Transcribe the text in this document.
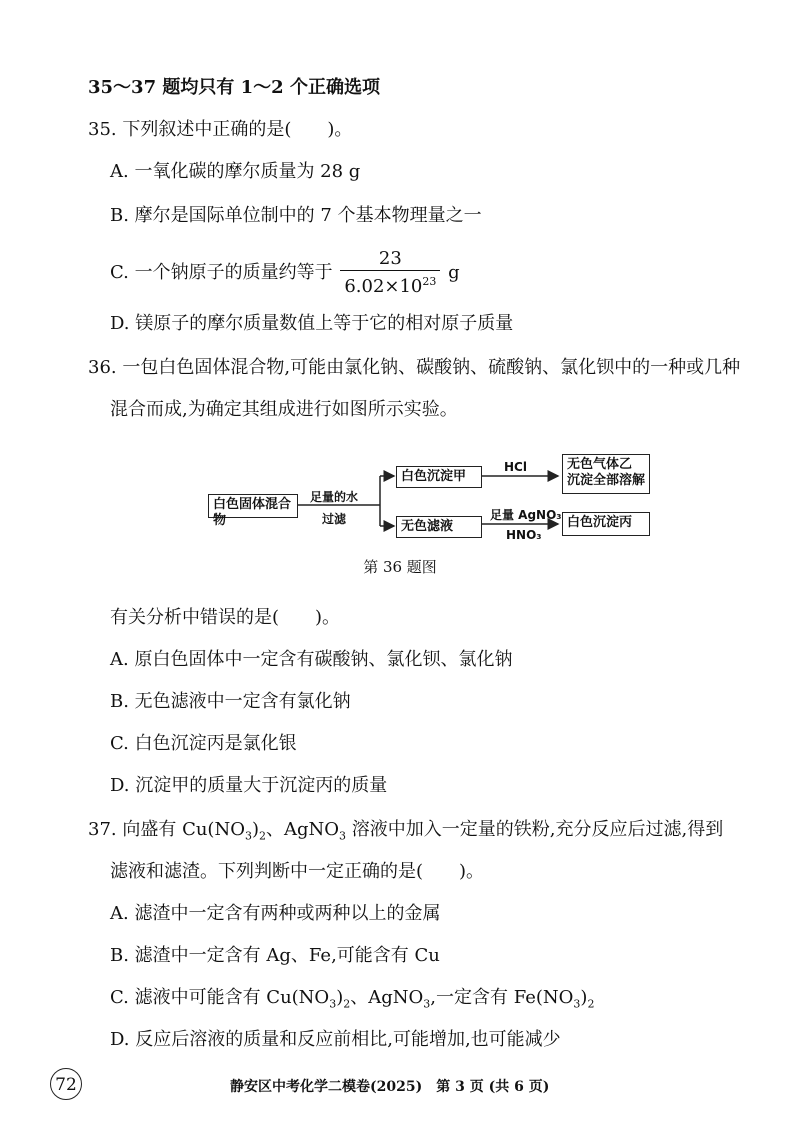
35～37 题均只有 1～2 个正确选项
35. 下列叙述中正确的是(　　)。
A. 一氧化碳的摩尔质量为 28 g
B. 摩尔是国际单位制中的 7 个基本物理量之一
C. 一个钠原子的质量约等于 $\frac{23}{6.02\times 10^{23}}$ g
D. 镁原子的摩尔质量数值上等于它的相对原子质量
36. 一包白色固体混合物,可能由氯化钠、碳酸钠、硫酸钠、氯化钡中的一种或几种
混合而成,为确定其组成进行如图所示实验。
白色固体混合物
足量的水
过滤
白色沉淀甲
无色滤液
HCl
足量 AgNO₃
HNO₃
无色气体乙
沉淀全部溶解
白色沉淀丙
第 36 题图
有关分析中错误的是(　　)。
A. 原白色固体中一定含有碳酸钠、氯化钡、氯化钠
B. 无色滤液中一定含有氯化钠
C. 白色沉淀丙是氯化银
D. 沉淀甲的质量大于沉淀丙的质量
37. 向盛有 $Cu(NO_3)_2$、AgNO$_3$ 溶液中加入一定量的铁粉,充分反应后过滤,得到
滤液和滤渣。下列判断中一定正确的是(　　)。
A. 滤渣中一定含有两种或两种以上的金属
B. 滤渣中一定含有 Ag、Fe,可能含有 Cu
C. 滤液中可能含有 $Cu(NO_3)_2$、AgNO$_3$,一定含有 $Fe(NO_3)_2$
D. 反应后溶液的质量和反应前相比,可能增加,也可能减少
72	静安区中考化学二模卷(2025)　第 3 页 (共 6 页)
